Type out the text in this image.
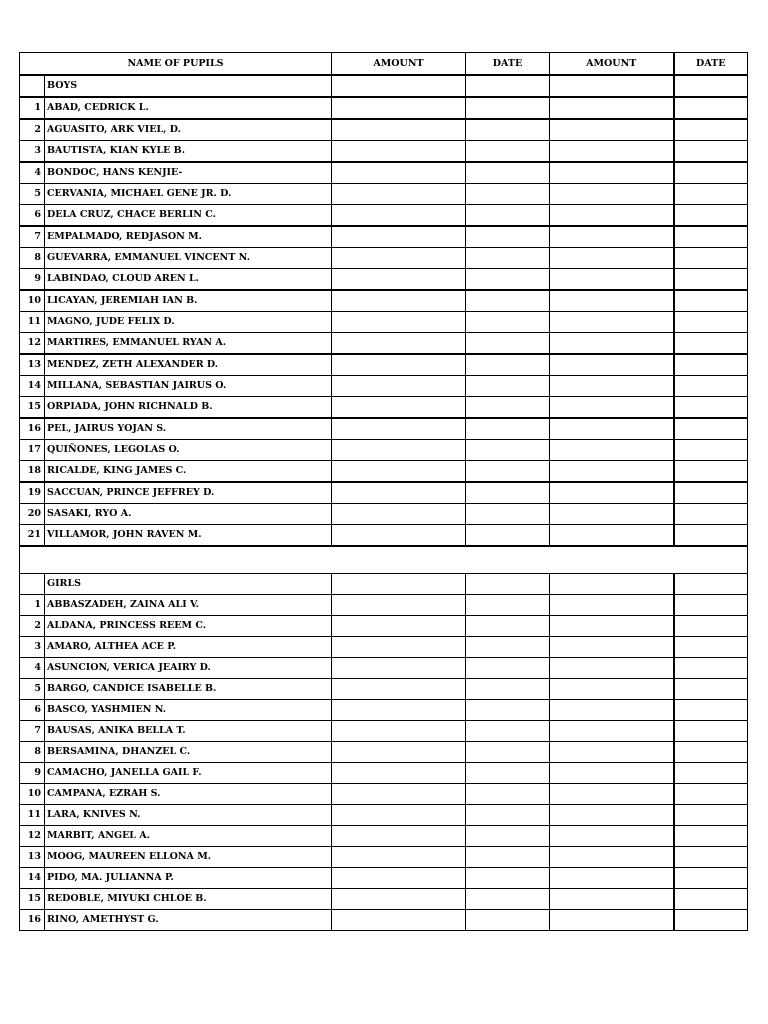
NAME OF PUPILS		AMOUNT	DATE	AMOUNT	DATE
	BOYS				
1	ABAD, CEDRICK L.				
2	AGUASITO, ARK VIEL, D.				
3	BAUTISTA, KIAN KYLE B.				
4	BONDOC, HANS KENJIE-				
5	CERVANIA, MICHAEL GENE JR. D.				
6	DELA CRUZ, CHACE BERLIN C.				
7	EMPALMADO, REDJASON M.				
8	GUEVARRA, EMMANUEL VINCENT N.				
9	LABINDAO, CLOUD AREN L.				
10	LICAYAN, JEREMIAH IAN B.				
11	MAGNO, JUDE FELIX D.				
12	MARTIRES, EMMANUEL RYAN A.				
13	MENDEZ, ZETH ALEXANDER D.				
14	MILLANA, SEBASTIAN JAIRUS O.				
15	ORPIADA, JOHN RICHNALD B.				
16	PEL, JAIRUS YOJAN S.				
17	QUIÑONES, LEGOLAS O.				
18	RICALDE, KING JAMES C.				
19	SACCUAN, PRINCE JEFFREY D.				
20	SASAKI, RYO A.				
21	VILLAMOR, JOHN RAVEN M.				

	GIRLS				
1	ABBASZADEH, ZAINA ALI V.				
2	ALDANA, PRINCESS REEM C.				
3	AMARO, ALTHEA ACE P.				
4	ASUNCION, VERICA JEAIRY D.				
5	BARGO, CANDICE ISABELLE B.				
6	BASCO, YASHMIEN N.				
7	BAUSAS, ANIKA BELLA T.				
8	BERSAMINA, DHANZEL C.				
9	CAMACHO, JANELLA GAIL F.				
10	CAMPANA, EZRAH S.				
11	LARA, KNIVES N.				
12	MARBIT, ANGEL A.				
13	MOOG, MAUREEN ELLONA M.				
14	PIDO, MA. JULIANNA P.				
15	REDOBLE, MIYUKI CHLOE B.				
16	RINO, AMETHYST G.				
